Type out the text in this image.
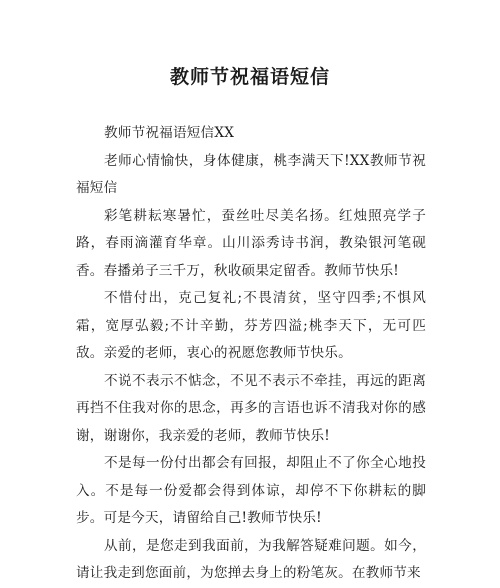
教师节祝福语短信

教师节祝福语短信XX

老师心情愉快，身体健康，桃李满天下!XX教师节祝福短信

彩笔耕耘寒暑忙，蚕丝吐尽美名扬。红烛照亮学子路，春雨滴灌育华章。山川添秀诗书润，教染银河笔砚香。春播弟子三千万，秋收硕果定留香。教师节快乐!

不惜付出，克己复礼;不畏清贫，坚守四季;不惧风霜，宽厚弘毅;不计辛勤，芬芳四溢;桃李天下，无可匹敌。亲爱的老师，衷心的祝愿您教师节快乐。

不说不表示不惦念，不见不表示不牵挂，再远的距离再挡不住我对你的思念，再多的言语也诉不清我对你的感谢，谢谢你，我亲爱的老师，教师节快乐!

不是每一份付出都会有回报，却阻止不了你全心地投入。不是每一份爱都会得到体谅，却停不下你耕耘的脚步。可是今天，请留给自己!教师节快乐!

从前，是您走到我面前，为我解答疑难问题。如今，请让我走到您面前，为您掸去身上的粉笔灰。在教师节来
